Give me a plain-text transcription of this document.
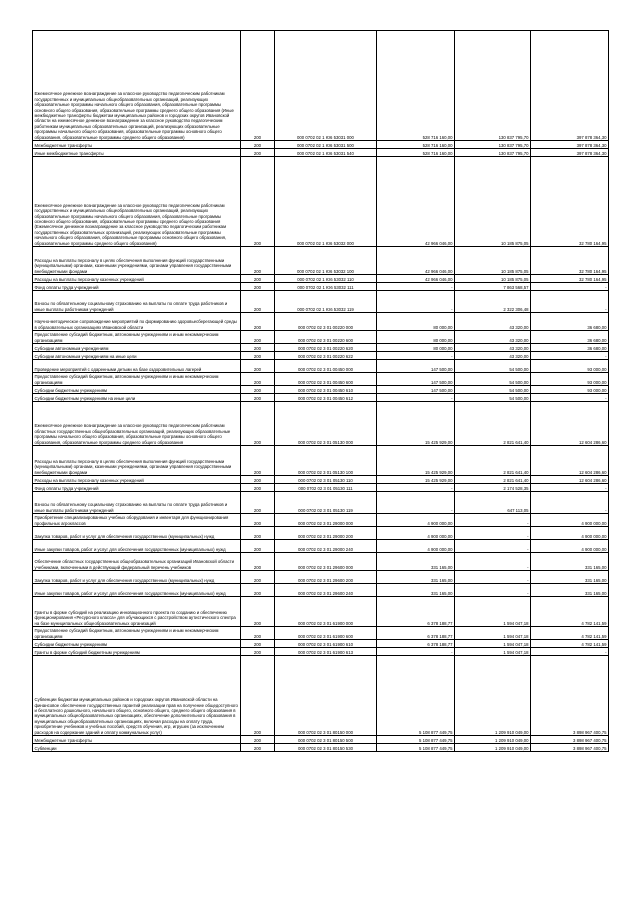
Ежемесячное денежное вознаграждение за классное руководство педагогическим работникам государственных и муниципальных общеобразовательных организаций, реализующих образовательные программы начального общего образования, образовательные программы основного общего образования, образовательные программы среднего общего образования (Иные межбюджетные трансферты бюджетам муниципальных районов и городских округов Ивановской области на ежемесячное денежное вознаграждение за классное руководство педагогическим работникам муниципальных образовательных организаций, реализующих образовательные программы начального общего образования, образовательные программы основного общего образования, образовательные программы среднего общего образования)	200	000 0702 02 1 Ю6 53031 000	528 716 160,00	130 837 795,70	397 878 364,30
Межбюджетные трансферты	200	000 0702 02 1 Ю6 53031 500	528 716 160,00	130 837 795,70	397 878 364,30
Иные межбюджетные трансферты	200	000 0702 02 1 Ю6 53031 540	528 716 160,00	130 837 795,70	397 878 364,30
Ежемесячное денежное вознаграждение за классное руководство педагогическим работникам государственных и муниципальных общеобразовательных организаций, реализующих образовательные программы начального общего образования, образовательные программы основного общего образования, образовательные программы среднего общего образования (Ежемесячное денежное вознаграждение за классное руководство педагогическим работникам государственных образовательных организаций, реализующих образовательные программы начального общего образования, образовательные программы основного общего образования, образовательные программы среднего общего образования)	200	000 0702 02 1 Ю6 53032 000	42 966 046,00	10 185 875,05	32 780 164,95
Расходы на выплаты персоналу в целях обеспечения выполнения функций государственными (муниципальными) органами, казенными учреждениями, органами управления государственными внебюджетными фондами	200	000 0702 02 1 Ю6 53032 100	42 966 046,00	10 185 875,05	32 780 164,95
Расходы на выплаты персоналу казенных учреждений	200	000 0702 02 1 Ю6 53032 110	42 966 046,00	10 185 875,05	32 780 164,95
Фонд оплаты труда учреждений	200	000 0702 02 1 Ю6 53032 111	-	7 863 568,57	-
Взносы по обязательному социальному страхованию на выплаты по оплате труда работников и иные выплаты работникам учреждений	200	000 0702 02 1 Ю6 53032 119	-	2 322 306,48	-
Научно-методическое сопровождение мероприятий по формированию здоровьесберегающей среды в образовательных организациях Ивановской области	200	000 0702 02 3 01 00220 000	80 000,00	43 320,00	36 680,00
Предоставление субсидий бюджетным, автономным учреждениям и иным некоммерческим организациям	200	000 0702 02 3 01 00220 600	80 000,00	43 320,00	36 680,00
Субсидии автономным учреждениям	200	000 0702 02 3 01 00220 620	80 000,00	43 320,00	36 680,00
Субсидии автономным учреждениям на иные цели	200	000 0702 02 3 01 00220 622	-	43 320,00	-
Проведение мероприятий с одаренными детьми на базе оздоровительных лагерей	200	000 0702 02 3 01 00450 000	147 500,00	54 500,00	93 000,00
Предоставление субсидий бюджетным, автономным учреждениям и иным некоммерческим организациям	200	000 0702 02 3 01 00450 600	147 500,00	54 500,00	93 000,00
Субсидии бюджетным учреждениям	200	000 0702 02 3 01 00450 610	147 500,00	54 500,00	93 000,00
Субсидии бюджетным учреждениям на иные цели	200	000 0702 02 3 01 00450 612	-	54 500,00	-
Ежемесячное денежное вознаграждение за классное руководство педагогическим работникам областных государственных общеобразовательных организаций, реализующих образовательные программы начального общего образования, образовательные программы основного общего образования, образовательные программы среднего общего образования	200	000 0702 02 3 01 05130 000	15 425 929,00	2 821 641,40	12 604 286,60
Расходы на выплаты персоналу в целях обеспечения выполнения функций государственными (муниципальными) органами, казенными учреждениями, органами управления государственными внебюджетными фондами	200	000 0702 02 3 01 05130 100	15 425 929,00	2 821 641,40	12 604 286,60
Расходы на выплаты персоналу казенных учреждений	200	000 0702 02 3 01 05130 110	15 425 929,00	2 821 641,40	12 604 286,60
Фонд оплаты труда учреждений	200	000 0702 02 3 01 05130 111	-	2 174 528,35	-
Взносы по обязательному социальному страхованию на выплаты по оплате труда работников и иные выплаты работникам учреждений	200	000 0702 02 3 01 05130 119	-	647 113,05	-
Приобретение специализированных учебных оборудования и инвентаря для функционирования профильных агроклассов	200	000 0702 02 3 01 29000 000	4 900 000,00	-	4 900 000,00
Закупка товаров, работ и услуг для обеспечения государственных (муниципальных) нужд	200	000 0702 02 3 01 29000 200	4 900 000,00	-	4 900 000,00
Иные закупки товаров, работ и услуг для обеспечения государственных (муниципальных) нужд	200	000 0702 02 3 01 29000 240	4 900 000,00	-	4 900 000,00
Обеспечение областных государственных общеобразовательных организаций Ивановской области учебниками, включенными в действующий федеральный перечень учебников	200	000 0702 02 3 01 29600 000	331 165,00	-	331 165,00
Закупка товаров, работ и услуг для обеспечения государственных (муниципальных) нужд	200	000 0702 02 3 01 29600 200	331 165,00	-	331 165,00
Иные закупки товаров, работ и услуг для обеспечения государственных (муниципальных) нужд	200	000 0702 02 3 01 29600 240	331 165,00	-	331 165,00
Гранты в форме субсидий на реализацию инновационного проекта по созданию и обеспечению функционирования «Ресурсного класса» для обучающихся с расстройством аутистического спектра на базе муниципальных общеобразовательных организаций	200	000 0702 02 3 01 61900 000	6 378 188,77	1 594 047,18	4 782 141,59
Предоставление субсидий бюджетным, автономным учреждениям и иным некоммерческим организациям	200	000 0702 02 3 01 61900 600	6 378 188,77	1 594 047,18	4 782 141,59
Субсидии бюджетным учреждениям	200	000 0702 02 3 01 61900 610	6 378 188,77	1 594 047,18	4 782 141,59
Гранты в форме субсидий бюджетным учреждениям	200	000 0702 02 3 01 61900 613	-	1 594 047,18	-
Субвенции бюджетам муниципальных районов и городских округов Ивановской области на финансовое обеспечение государственных гарантий реализации прав на получение общедоступного и бесплатного дошкольного, начального общего, основного общего, среднего общего образования в муниципальных общеобразовательных организациях, обеспечение дополнительного образования в муниципальных общеобразовательных организациях, включая расходы на оплату труда, приобретение учебников и учебных пособий, средств обучения, игр, игрушек (за исключением расходов на содержание зданий и оплату коммунальных услуг)	200	000 0702 02 3 01 80150 000	5 108 877 449,75	1 209 910 049,00	3 898 967 400,75
Межбюджетные трансферты	200	000 0702 02 3 01 80150 500	5 108 877 449,75	1 209 910 049,00	3 898 967 400,75
Субвенции	200	000 0702 02 3 01 80150 530	5 108 877 449,75	1 209 910 049,00	3 898 967 400,75
